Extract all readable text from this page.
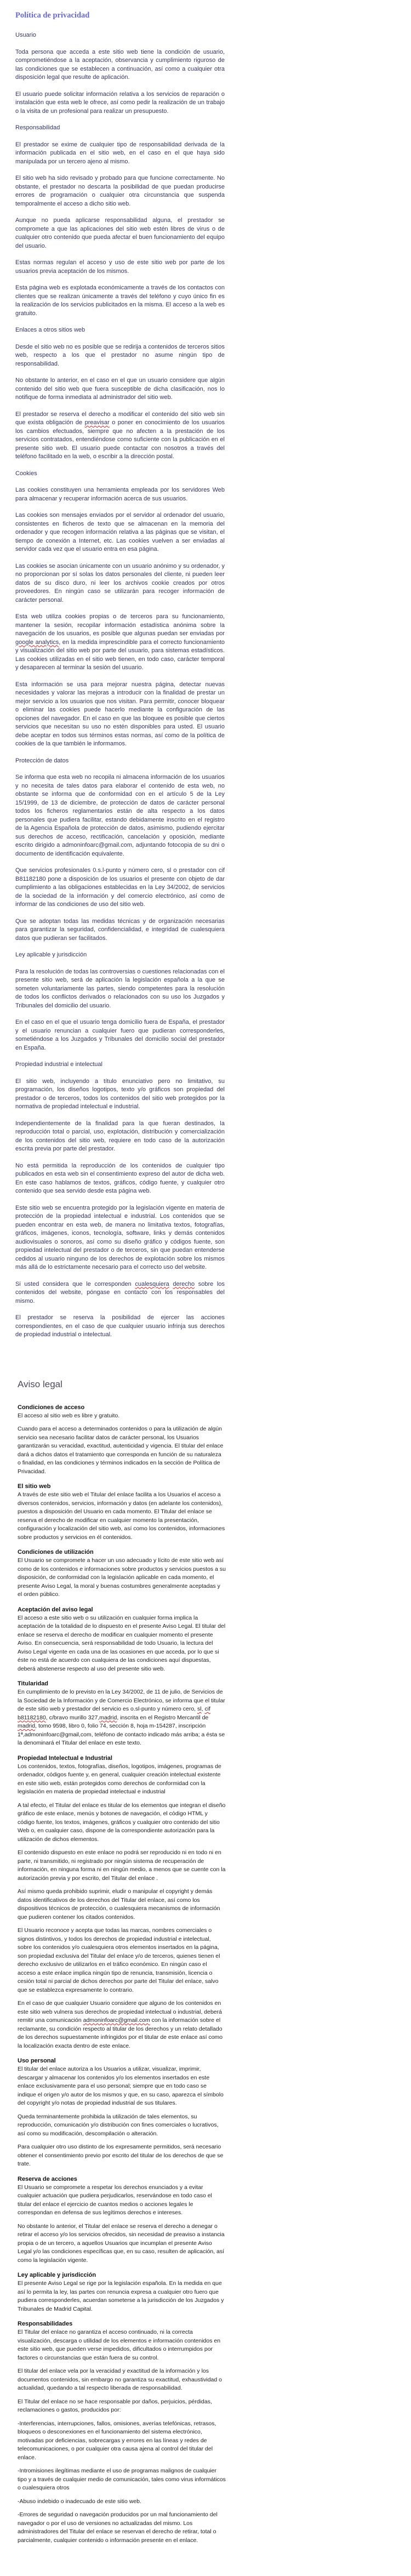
Política de privacidad

Usuario

Toda persona que acceda a este sitio web tiene la condición de usuario, comprometiéndose a la aceptación, observancia y cumplimiento riguroso de las condiciones que se establecen a continuación, así como a cualquier otra disposición legal que resulte de aplicación.

El usuario puede solicitar información relativa a los servicios de reparación o instalación que esta web le ofrece, así como pedir la realización de un trabajo o la visita de un profesional para realizar un presupuesto.

Responsabilidad

El prestador se exime de cualquier tipo de responsabilidad derivada de la información publicada en el sitio web, en el caso en el que haya sido manipulada por un tercero ajeno al mismo.

El sitio web ha sido revisado y probado para que funcione correctamente. No obstante, el prestador no descarta la posibilidad de que puedan producirse errores de programación o cualquier otra circunstancia que suspenda temporalmente el acceso a dicho sitio web.

Aunque no pueda aplicarse responsabilidad alguna, el prestador se compromete a que las aplicaciones del sitio web estén libres de virus o de cualquier otro contenido que pueda afectar el buen funcionamiento del equipo del usuario.

Estas normas regulan el acceso y uso de este sitio web por parte de los usuarios previa aceptación de los mismos.

Esta página web es explotada económicamente a través de los contactos con clientes que se realizan únicamente a través del teléfono y cuyo único fin es la realización de los servicios publicitados en la misma. El acceso a la web es gratuito.

Enlaces a otros sitios web

Desde el sitio web no es posible que se redirija a contenidos de terceros sitios web, respecto a los que el prestador no asume ningún tipo de responsabilidad.

No obstante lo anterior, en el caso en el que un usuario considere que algún contenido del sitio web que fuera susceptible de dicha clasificación, nos lo notifique de forma inmediata al administrador del sitio web.

El prestador se reserva el derecho a modificar el contenido del sitio web sin que exista obligación de preavisar o poner en conocimiento de los usuarios los cambios efectuados, siempre que no afecten a la prestación de los servicios contratados, entendiéndose como suficiente con la publicación en el presente sitio web. El usuario puede contactar con nosotros a través del teléfono facilitado en la web, o escribir a la dirección postal.

Cookies

Las cookies constituyen una herramienta empleada por los servidores Web para almacenar y recuperar información acerca de sus usuarios.

Las cookies son mensajes enviados por el servidor al ordenador del usuario, consistentes en ficheros de texto que se almacenan en la memoria del ordenador y que recogen información relativa a las páginas que se visitan, el tiempo de conexión a Internet, etc. Las cookies vuelven a ser enviadas al servidor cada vez que el usuario entra en esa página.

Las cookies se asocian únicamente con un usuario anónimo y su ordenador, y no proporcionan por sí solas los datos personales del cliente, ni pueden leer datos de su disco duro, ni leer los archivos cookie creados por otros proveedores. En ningún caso se utilizarán para recoger información de carácter personal.

Esta web utiliza cookies propias o de terceros para su funcionamiento, mantener la sesión, recopilar información estadística anónima sobre la navegación de los usuarios, es posible que algunas puedan ser enviadas por google analytics, en la medida imprescindible para el correcto funcionamiento y visualización del sitio web por parte del usuario, para sistemas estadísticos. Las cookies utilizadas en el sitio web tienen, en todo caso, carácter temporal y desaparecen al terminar la sesión del usuario.

Esta información se usa para mejorar nuestra página, detectar nuevas necesidades y valorar las mejoras a introducir con la finalidad de prestar un mejor servicio a los usuarios que nos visitan. Para permitir, conocer bloquear o eliminar las cookies puede hacerlo mediante la configuración de las opciones del navegador. En el caso en que las bloquee es posible que ciertos servicios que necesitan su uso no estén disponibles para usted. El usuario debe aceptar en todos sus términos estas normas, así como de la política de cookies de la que también le informamos.

Protección de datos

Se informa que esta web no recopila ni almacena información de los usuarios y no necesita de tales datos para elaborar el contenido de esta web, no obstante se informa que de conformidad con en el artículo 5 de la Ley 15/1999, de 13 de diciembre, de protección de datos de carácter personal todos los ficheros reglamentarios están de alta respecto a los datos personales que pudiera facilitar, estando debidamente inscrito en el registro de la Agencia Española de protección de datos, asimismo, pudiendo ejercitar sus derechos de acceso, rectificación, cancelación y oposición, mediante escrito dirigido a admoninfoarc@gmail.com, adjuntando fotocopia de su dni o documento de identificación equivalente.

Que servicios profesionales 0.s.l-punto y número cero, sl o prestador con cif B81182180 pone a disposición de los usuarios el presente con objeto de dar cumplimiento a las obligaciones establecidas en la Ley 34/2002, de servicios de la sociedad de la información y del comercio electrónico, así como de informar de las condiciones de uso del sitio web.

Que se adoptan todas las medidas técnicas y de organización necesarias para garantizar la seguridad, confidencialidad, e integridad de cualesquiera datos que pudieran ser facilitados.

Ley aplicable y jurisdicción

Para la resolución de todas las controversias o cuestiones relacionadas con el presente sitio web, será de aplicación la legislación española a la que se someten voluntariamente las partes, siendo competentes para la resolución de todos los conflictos derivados o relacionados con su uso los Juzgados y Tribunales del domicilio del usuario.

En el caso en el que el usuario tenga domicilio fuera de España, el prestador y el usuario renuncian a cualquier fuero que pudieran corresponderles, sometiéndose a los Juzgados y Tribunales del domicilio social del prestador en España.

Propiedad industrial e intelectual

El sitio web, incluyendo a título enunciativo pero no limitativo, su programación, los diseños logotipos, texto y/o gráficos son propiedad del prestador o de terceros, todos los contenidos del sitio web protegidos por la normativa de propiedad intelectual e industrial.

Independientemente de la finalidad para la que fueran destinados, la reproducción total o parcial, uso, explotación, distribución y comercialización de los contenidos del sitio web, requiere en todo caso de la autorización escrita previa por parte del prestador.

No está permitida la reproducción de los contenidos de cualquier tipo publicados en esta web sin el consentimiento expreso del autor de dicha web. En este caso hablamos de textos, gráficos, código fuente, y cualquier otro contenido que sea servido desde esta página web.

Este sitio web se encuentra protegido por la legislación vigente en materia de protección de la propiedad intelectual e industrial. Los contenidos que se pueden encontrar en esta web, de manera no limitativa textos, fotografías, gráficos, imágenes, iconos, tecnología, software, links y demás contenidos audiovisuales o sonoros, así como su diseño gráfico y códigos fuente, son propiedad intelectual del prestador o de terceros, sin que puedan entenderse cedidos al usuario ninguno de los derechos de explotación sobre los mismos más allá de lo estrictamente necesario para el correcto uso del website.

Si usted considera que le corresponden cualesquiera derecho sobre los contenidos del website, póngase en contacto con los responsables del mismo.

El prestador se reserva la posibilidad de ejercer las acciones correspondientes, en el caso de que cualquier usuario infrinja sus derechos de propiedad industrial o intelectual.

Aviso legal
Condiciones de acceso

El acceso al sitio web es libre y gratuito.

Cuando para el acceso a determinados contenidos o para la utilización de algún servicio sea necesario facilitar datos de carácter personal, los Usuarios garantizarán su veracidad, exactitud, autenticidad y vigencia. El titular del enlace dará a dichos datos el tratamiento que corresponda en función de su naturaleza o finalidad, en las condiciones y términos indicados en la sección de Política de Privacidad.

El sitio web

A través de este sitio web el Titular del enlace facilita a los Usuarios el acceso a diversos contenidos, servicios, información y datos (en adelante los contenidos), puestos a disposición del Usuario en cada momento. El Titular del enlace se reserva el derecho de modificar en cualquier momento la presentación, configuración y localización del sitio web, así como los contenidos, informaciones sobre productos y servicios en él contenidos.

Condiciones de utilización

El Usuario se compromete a hacer un uso adecuado y lícito de este sitio web así como de los contenidos e informaciones sobre productos y servicios puestos a su disposición, de conformidad con la legislación aplicable en cada momento, el presente Aviso Legal, la moral y buenas costumbres generalmente aceptadas y el orden público.

Aceptación del aviso legal

El acceso a este sitio web o su utilización en cualquier forma implica la aceptación de la totalidad de lo dispuesto en el presente Aviso Legal. El titular del enlace se reserva el derecho de modificar en cualquier momento el presente Aviso. En consecuencia, será responsabilidad de todo Usuario, la lectura del Aviso Legal vigente en cada una de las ocasiones en que acceda, por lo que si éste no está de acuerdo con cualquiera de las condiciones aquí dispuestas, deberá abstenerse respecto al uso del presente sitio web.

Titularidad

En cumplimiento de lo previsto en la Ley 34/2002, de 11 de julio, de Servicios de la Sociedad de la Información y de Comercio Electrónico, se informa que el titular de este sitio web y prestador del servicio es o.sl-punto y número cero, sl, cif b81182180, c/bravo murillo 327,madrid, inscrita en el Registro Mercantil de madrid, tomo 9598, libro 0, folio 74, sección 8, hoja m-154287, inscripción 1ª,admoninfoarc@gmail,com, teléfono de contacto indicado más arriba; a ésta se la denominará el Titular del enlace en este texto.

Propiedad Intelectual e Industrial

Los contenidos, textos, fotografías, diseños, logotipos, imágenes, programas de ordenador, códigos fuente y, en general, cualquier creación intelectual existente en este sitio web, están protegidos como derechos de conformidad con la legislación en materia de propiedad intelectual e industrial

A tal efecto, el Titular del enlace es titular de los elementos que integran el diseño gráfico de este enlace, menús y botones de navegación, el código HTML y código fuente, los textos, imágenes, gráficos y cualquier otro contenido del sitio Web o, en cualquier caso, dispone de la correspondiente autorización para la utilización de dichos elementos.

El contenido dispuesto en este enlace no podrá ser reproducido ni en todo ni en parte, ni transmitido, ni registrado por ningún sistema de recuperación de información, en ninguna forma ni en ningún medio, a menos que se cuente con la autorización previa y por escrito, del Titular del enlace .

Así mismo queda prohibido suprimir, eludir o manipular el copyright y demás datos identificativos de los derechos del Titular del enlace, así como los dispositivos técnicos de protección, o cualesquiera mecanismos de información que pudieren contener los citados contenidos.

El Usuario reconoce y acepta que todas las marcas, nombres comerciales o signos distintivos, y todos los derechos de propiedad industrial e intelectual, sobre los contenidos y/o cualesquiera otros elementos insertados en la página, son propiedad exclusiva del Titular del enlace y/o de terceros, quienes tienen el derecho exclusivo de utilizarlos en el tráfico económico. En ningún caso el acceso a este enlace implica ningún tipo de renuncia, transmisión, licencia o cesión total ni parcial de dichos derechos por parte del Titular del enlace, salvo que se establezca expresamente lo contrario.

En el caso de que cualquier Usuario considere que alguno de los contenidos en este sitio web vulnera sus derechos de propiedad intelectual o industrial, deberá remitir una comunicación admoninfoarc@gmail.com con la información sobre el reclamante, su condición respecto al titular de los derechos y un relato detallado de los derechos supuestamente infringidos por el titular de este enlace así como la localización exacta dentro de este enlace.

Uso personal

El titular del enlace autoriza a los Usuarios a utilizar, visualizar, imprimir, descargar y almacenar los contenidos y/o los elementos insertados en este enlace exclusivamente para el uso personal; siempre que en todo caso se indique el origen y/o autor de los mismos y que, en su caso, aparezca el símbolo del copyright y/o notas de propiedad industrial de sus titulares.

Queda terminantemente prohibida la utilización de tales elementos, su reproducción, comunicación y/o distribución con fines comerciales o lucrativos, así como su modificación, descompilación o alteración.

Para cualquier otro uso distinto de los expresamente permitidos, será necesario obtener el consentimiento previo por escrito del titular de los derechos de que se trate.

Reserva de acciones

El Usuario se compromete a respetar los derechos enunciados y a evitar cualquier actuación que pudiera perjudicarlos, reservándose en todo caso el titular del enlace el ejercicio de cuantos medios o acciones legales le correspondan en defensa de sus legítimos derechos e intereses.

No obstante lo anterior, el Titular del enlace se reserva el derecho a denegar o retirar el acceso y/o los servicios ofrecidos, sin necesidad de preaviso a instancia propia o de un tercero, a aquellos Usuarios que incumplan el presente Aviso Legal y/o las condiciones específicas que, en su caso, resulten de aplicación, así como la legislación vigente.

Ley aplicable y jurisdicción

El presente Aviso Legal se rige por la legislación española. En la medida en que así lo permita la ley, las partes con renuncia expresa a cualquier otro fuero que pudiera corresponderles, acuerdan someterse a la jurisdicción de los Juzgados y Tribunales de Madrid Capital.

Responsabilidades

El Titular del enlace no garantiza el acceso continuado, ni la correcta visualización, descarga o utilidad de los elementos e información contenidos en este sitio web, que pueden verse impedidos, dificultados o interrumpidos por factores o circunstancias que están fuera de su control.

El titular del enlace vela por la veracidad y exactitud de la información y los documentos contenidos, sin embargo no garantiza su exactitud, exhaustividad o actualidad, quedando a tal respecto liberada de responsabilidad.

El Titular del enlace no se hace responsable por daños, perjuicios, pérdidas, reclamaciones o gastos, producidos por:

-Interferencias, interrupciones, fallos, omisiones, averías telefónicas, retrasos, bloqueos o desconexiones en el funcionamiento del sistema electrónico, motivadas por deficiencias, sobrecargas y errores en las líneas y redes de telecomunicaciones, o por cualquier otra causa ajena al control del titular del enlace.

-Intromisiones ilegítimas mediante el uso de programas malignos de cualquier tipo y a través de cualquier medio de comunicación, tales como virus informáticos o cualesquiera otros

-Abuso indebido o inadecuado de este sitio web.

-Errores de seguridad o navegación producidos por un mal funcionamiento del navegador o por el uso de versiones no actualizadas del mismo. Los administradores del Titular del enlace se reservan el derecho de retirar, total o parcialmente, cualquier contenido o información presente en el enlace.
